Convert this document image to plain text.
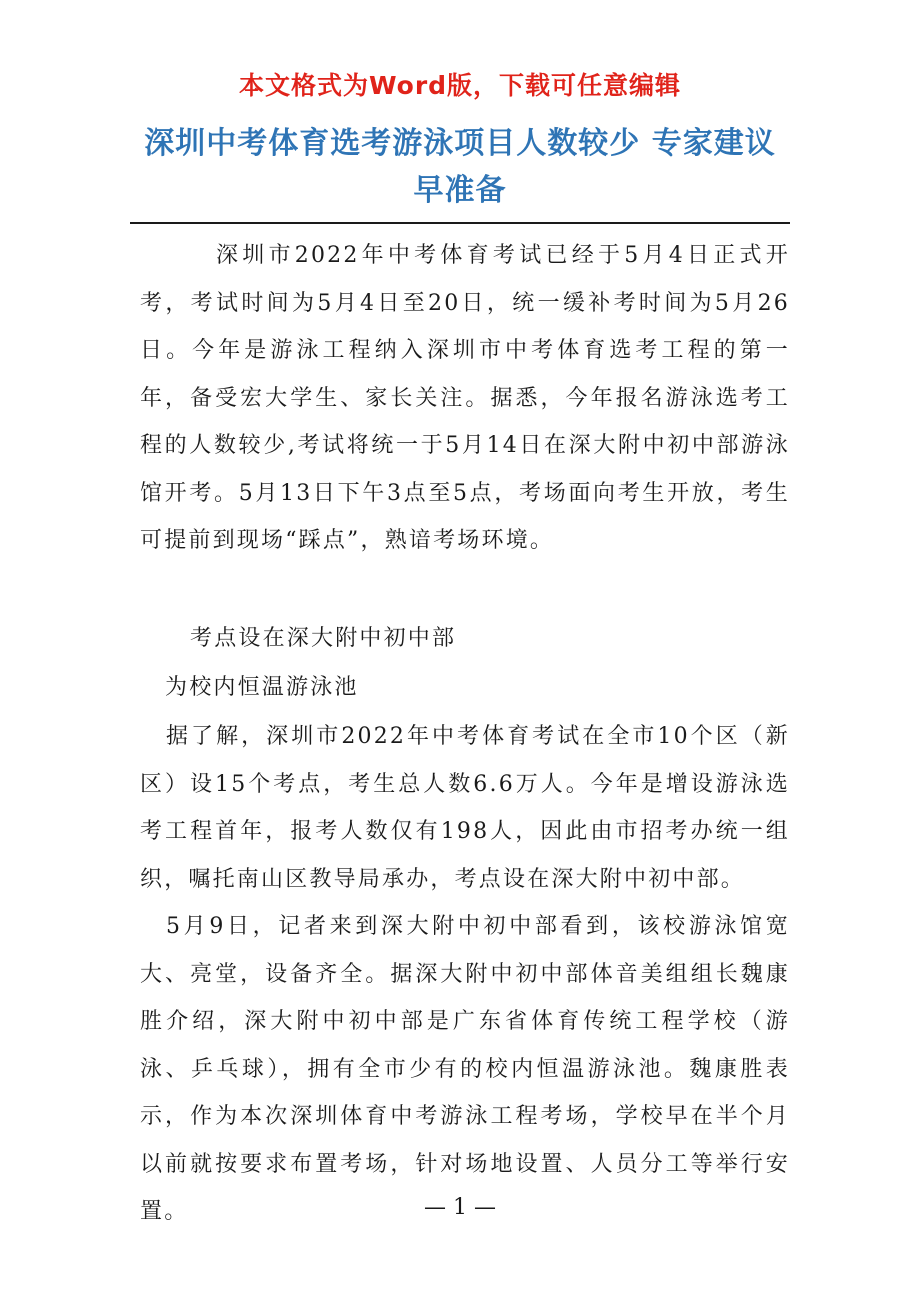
本文格式为Word版，下载可任意编辑
深圳中考体育选考游泳项目人数较少 专家建议早准备

深圳市2022年中考体育考试已经于5月4日正式开考，考试时间为5月4日至20日，统一缓补考时间为5月26日。今年是游泳工程纳入深圳市中考体育选考工程的第一年，备受宏大学生、家长关注。据悉，今年报名游泳选考工程的人数较少,考试将统一于5月14日在深大附中初中部游泳馆开考。5月13日下午3点至5点，考场面向考生开放，考生可提前到现场“踩点”，熟谙考场环境。

考点设在深大附中初中部

为校内恒温游泳池

据了解，深圳市2022年中考体育考试在全市10个区（新区）设15个考点，考生总人数6.6万人。今年是增设游泳选考工程首年，报考人数仅有198人，因此由市招考办统一组织，嘱托南山区教导局承办，考点设在深大附中初中部。

5月9日，记者来到深大附中初中部看到，该校游泳馆宽大、亮堂，设备齐全。据深大附中初中部体音美组组长魏康胜介绍，深大附中初中部是广东省体育传统工程学校（游泳、乒乓球），拥有全市少有的校内恒温游泳池。魏康胜表示，作为本次深圳体育中考游泳工程考场，学校早在半个月以前就按要求布置考场，针对场地设置、人员分工等举行安置。	— 1 —
